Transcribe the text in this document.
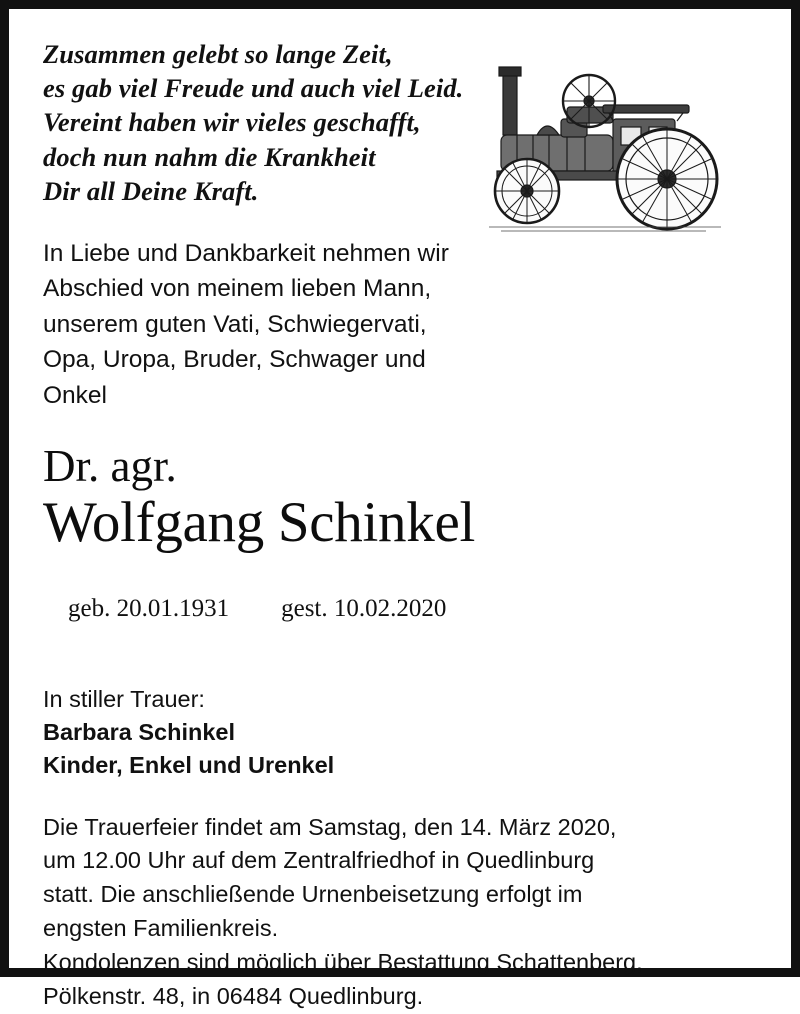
Zusammen gelebt so lange Zeit,
es gab viel Freude und auch viel Leid.
Vereint haben wir vieles geschafft,
doch nun nahm die Krankheit
Dir all Deine Kraft.
In Liebe und Dankbarkeit nehmen wir
Abschied von meinem lieben Mann,
unserem guten Vati, Schwiegervati,
Opa, Uropa, Bruder, Schwager und
Onkel
Dr. agr.
Wolfgang Schinkel

geb. 20.01.1931 gest. 10.02.2020

In stiller Trauer:
Barbara Schinkel
Kinder, Enkel und Urenkel
Die Trauerfeier findet am Samstag, den 14. März 2020,
um 12.00 Uhr auf dem Zentralfriedhof in Quedlinburg
statt. Die anschließende Urnenbeisetzung erfolgt im
engsten Familienkreis.
Kondolenzen sind möglich über Bestattung Schattenberg,
Pölkenstr. 48, in 06484 Quedlinburg.
